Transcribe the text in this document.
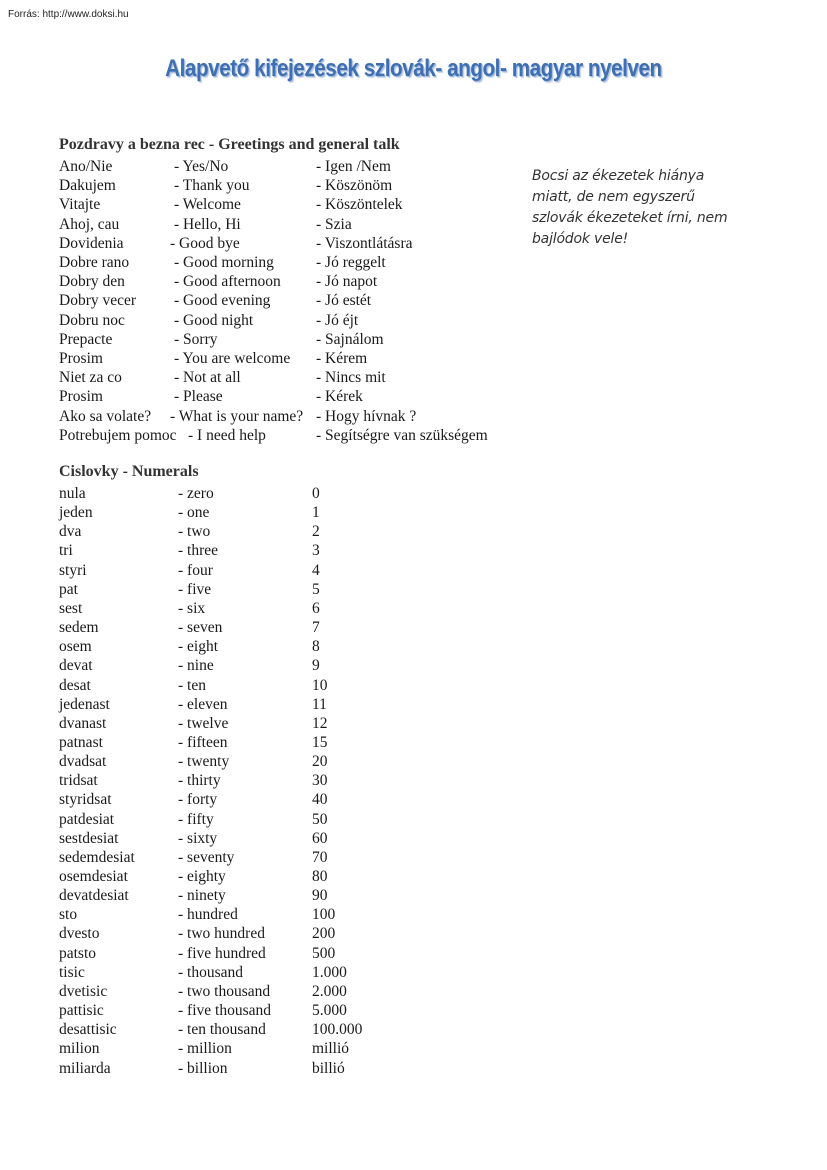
Forrás: http://www.doksi.hu
Alapvető kifejezések szlovák- angol- magyar nyelven
Pozdravy a bezna rec - Greetings and general talk
Ano/Nie	- Yes/No	- Igen /Nem
Dakujem	- Thank you	- Köszönöm
Vitajte	- Welcome	- Köszöntelek
Ahoj, cau	- Hello, Hi	- Szia
Dovidenia	- Good bye	- Viszontlátásra
Dobre rano	- Good morning	- Jó reggelt
Dobry den	- Good afternoon - Jó napot
Dobry vecer - Good evening	- Jó estét
Dobru noc	- Good night	- Jó éjt
Prepacte	- Sorry	- Sajnálom
Prosim	- You are welcome - Kérem
Niet za co	- Not at all	- Nincs mit
Prosim	- Please	- Kérek
Ako sa volate? - What is your name? - Hogy hívnak ?
Potrebujem pomoc - I need help	- Segítségre van szükségem
Bocsi az ékezetek hiánya miatt, de nem egyszerű szlovák ékezeteket írni, nem bajlódok vele!
Cislovky - Numerals
nula	- zero	0
jeden	- one	1
dva	- two	2
tri	- three	3
styri	- four	4
pat	- five	5
sest	- six	6
sedem	- seven	7
osem	- eight	8
devat	- nine	9
desat	- ten	10
jedenast	- eleven	11
dvanast	- twelve	12
patnast	- fifteen	15
dvadsat	- twenty	20
tridsat	- thirty	30
styridsat	- forty	40
patdesiat	- fifty	50
sestdesiat	- sixty	60
sedemdesiat	- seventy	70
osemdesiat	- eighty	80
devatdesiat	- ninety	90
sto	- hundred	100
dvesto	- two hundred	200
patsto	- five hundred	500
tisic	- thousand	1.000
dvetisic	- two thousand	2.000
pattisic	- five thousand	5.000
desattisic	- ten thousand	100.000
milion	- million	millió
miliarda	- billion	billió
